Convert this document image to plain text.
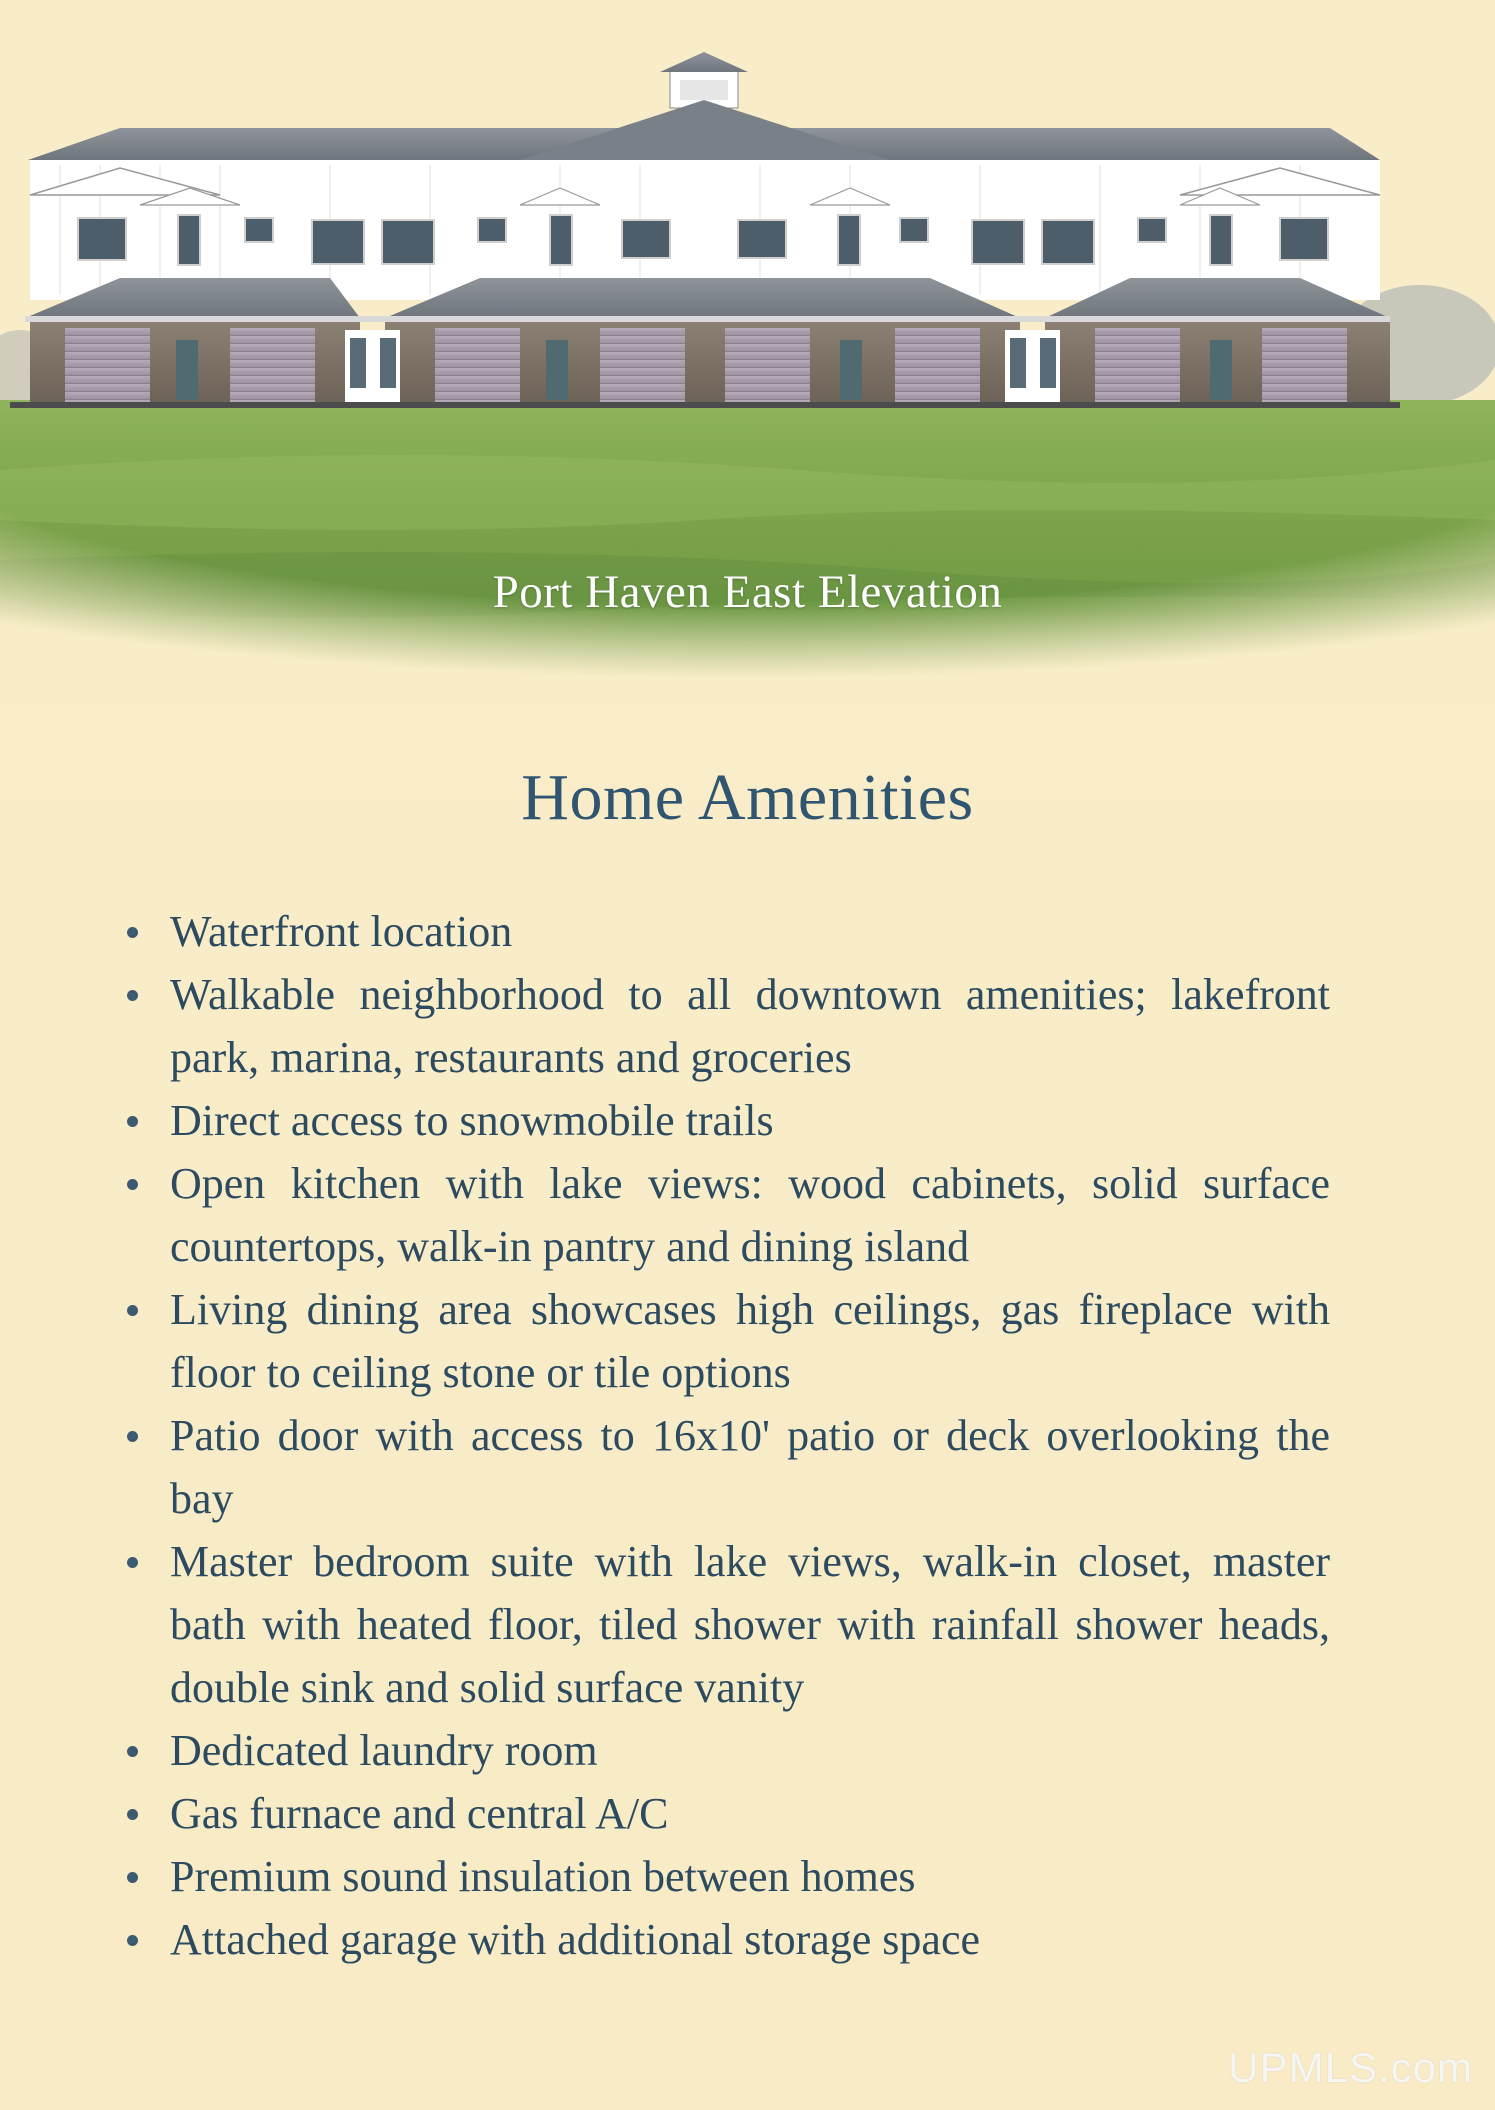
Port Haven East Elevation
Home Amenities
Waterfront location
Walkable neighborhood to all downtown amenities; lakefront park, marina, restaurants and groceries
Direct access to snowmobile trails
Open kitchen with lake views: wood cabinets, solid surface countertops, walk-in pantry and dining island
Living dining area showcases high ceilings, gas fireplace with floor to ceiling stone or tile options
Patio door with access to 16x10' patio or deck overlooking the bay
Master bedroom suite with lake views, walk-in closet, master bath with heated floor, tiled shower with rainfall shower heads, double sink and solid surface vanity
Dedicated laundry room
Gas furnace and central A/C
Premium sound insulation between homes
Attached garage with additional storage space
UPMLS.com
